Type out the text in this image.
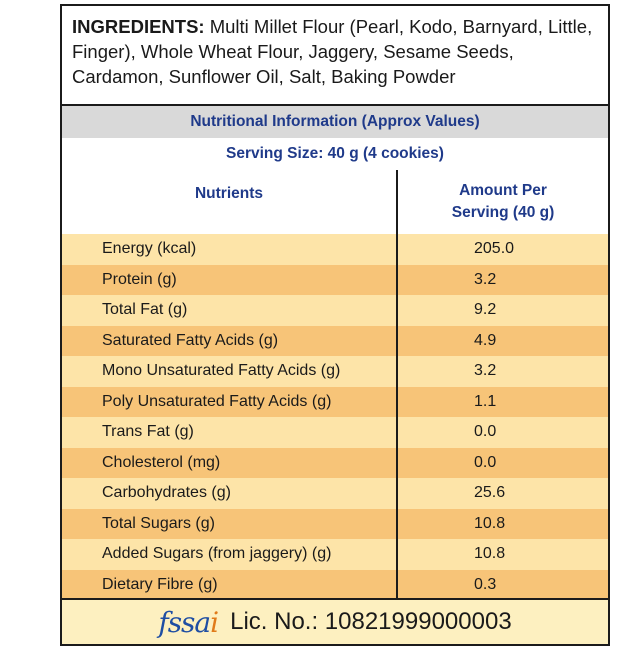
INGREDIENTS: Multi Millet Flour (Pearl, Kodo, Barnyard, Little, Finger), Whole Wheat Flour, Jaggery, Sesame Seeds, Cardamon, Sunflower Oil, Salt, Baking Powder
Nutritional Information (Approx Values)
Serving Size: 40 g (4 cookies)
Nutrients	Amount Per
Serving (40 g)
Energy (kcal)	205.0
Protein (g)	3.2
Total Fat (g)	9.2
Saturated Fatty Acids (g)	4.9
Mono Unsaturated Fatty Acids (g)	3.2
Poly Unsaturated Fatty Acids (g)	1.1
Trans Fat (g)	0.0
Cholesterol (mg)	0.0
Carbohydrates (g)	25.6
Total Sugars (g)	10.8
Added Sugars (from jaggery) (g)	10.8
Dietary Fibre (g)	0.3
fssai Lic. No.: 10821999000003
